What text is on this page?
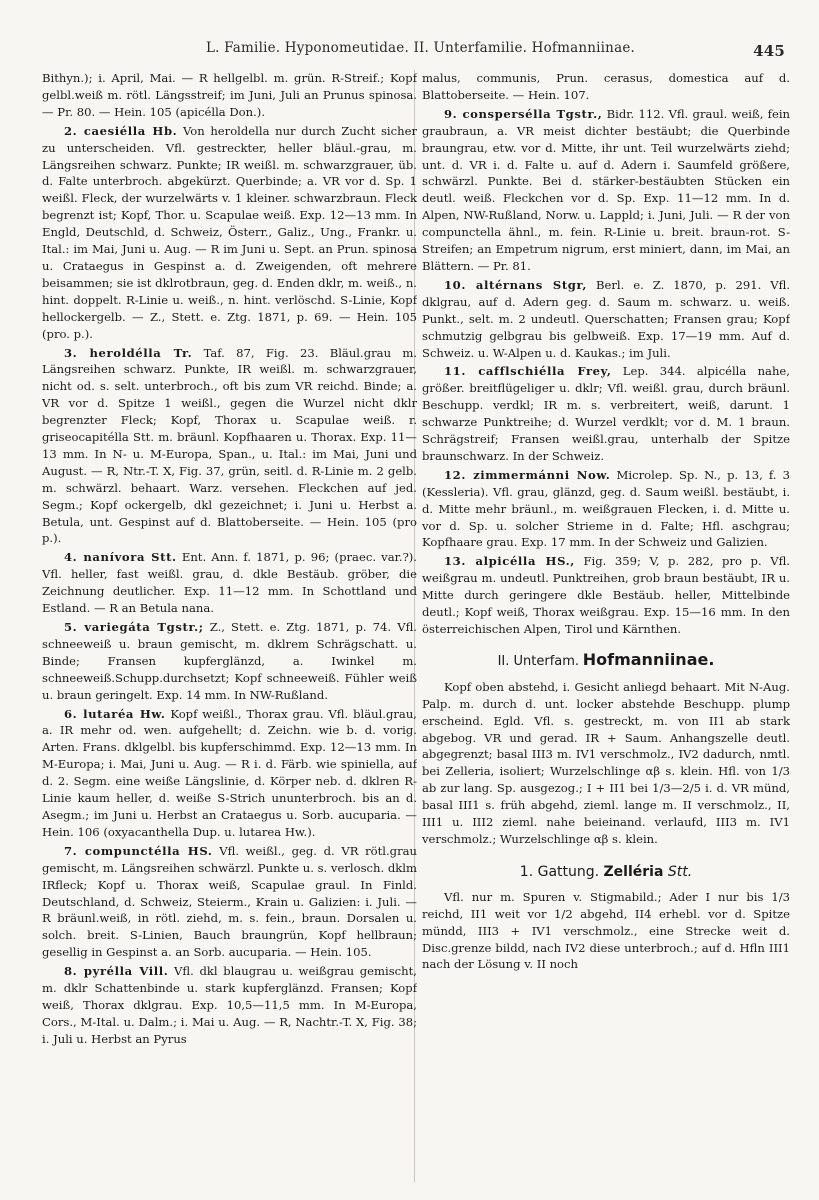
L. Familie. Hyponomeutidae. II. Unterfamilie. Hofmanniinae.	445

Bithyn.); i. April, Mai. — R hellgelbl. m. grün. R-Streif.; Kopf gelbl.weiß m. rötl. Längsstreif; im Juni, Juli an Prunus spinosa. — Pr. 80. — Hein. 105 (apicélla Don.).

2. caesiélla Hb. Von heroldella nur durch Zucht sicher zu unterscheiden. Vfl. gestreckter, heller bläul.-grau, m. Längsreihen schwarz. Punkte; IR weißl. m. schwarzgrauer, üb. d. Falte unterbroch. abgekürzt. Querbinde; a. VR vor d. Sp. 1 weißl. Fleck, der wurzelwärts v. 1 kleiner. schwarzbraun. Fleck begrenzt ist; Kopf, Thor. u. Scapulae weiß. Exp. 12—13 mm. In Engld, Deutschld, d. Schweiz, Österr., Galiz., Ung., Frankr. u. Ital.: im Mai, Juni u. Aug. — R im Juni u. Sept. an Prun. spinosa u. Crataegus in Gespinst a. d. Zweigenden, oft mehrere beisammen; sie ist dklrotbraun, geg. d. Enden dklr, m. weiß., n. hint. doppelt. R-Linie u. weiß., n. hint. verlöschd. S-Linie, Kopf hellockergelb. — Z., Stett. e. Ztg. 1871, p. 69. — Hein. 105 (pro. p.).

3. heroldélla Tr. Taf. 87, Fig. 23. Bläul.grau m. Längsreihen schwarz. Punkte, IR weißl. m. schwarzgrauer, nicht od. s. selt. unterbroch., oft bis zum VR reichd. Binde; a. VR vor d. Spitze 1 weißl., gegen die Wurzel nicht dklr begrenzter Fleck; Kopf, Thorax u. Scapulae weiß. r. griseocapitélla Stt. m. bräunl. Kopfhaaren u. Thorax. Exp. 11—13 mm. In N- u. M-Europa, Span., u. Ital.: im Mai, Juni und August. — R, Ntr.-T. X, Fig. 37, grün, seitl. d. R-Linie m. 2 gelb. m. schwärzl. behaart. Warz. versehen. Fleckchen auf jed. Segm.; Kopf ockergelb, dkl gezeichnet; i. Juni u. Herbst a. Betula, unt. Gespinst auf d. Blattoberseite. — Hein. 105 (pro p.).

4. nanívora Stt. Ent. Ann. f. 1871, p. 96; (praec. var.?). Vfl. heller, fast weißl. grau, d. dkle Bestäub. gröber, die Zeichnung deutlicher. Exp. 11—12 mm. In Schottland und Estland. — R an Betula nana.

5. variegáta Tgstr.; Z., Stett. e. Ztg. 1871, p. 74. Vfl. schneeweiß u. braun gemischt, m. dklrem Schrägschatt. u. Binde; Fransen kupferglänzd, a. Iwinkel m. schneeweiß.Schupp.durchsetzt; Kopf schneeweiß. Fühler weiß u. braun geringelt. Exp. 14 mm. In NW-Rußland.

6. lutaréa Hw. Kopf weißl., Thorax grau. Vfl. bläul.grau, a. IR mehr od. wen. aufgehellt; d. Zeichn. wie b. d. vorig. Arten. Frans. dklgelbl. bis kupferschimmd. Exp. 12—13 mm. In M-Europa; i. Mai, Juni u. Aug. — R i. d. Färb. wie spiniella, auf d. 2. Segm. eine weiße Längslinie, d. Körper neb. d. dklren R-Linie kaum heller, d. weiße S-Strich ununterbroch. bis an d. Asegm.; im Juni u. Herbst an Crataegus u. Sorb. aucuparia. — Hein. 106 (oxyacanthella Dup. u. lutarea Hw.).

7. compunctélla HS. Vfl. weißl., geg. d. VR rötl.grau gemischt, m. Längsreihen schwärzl. Punkte u. s. verlosch. dklm IRfleck; Kopf u. Thorax weiß, Scapulae graul. In Finld. Deutschland, d. Schweiz, Steierm., Krain u. Galizien: i. Juli. — R bräunl.weiß, in rötl. ziehd, m. s. fein., braun. Dorsalen u. solch. breit. S-Linien, Bauch braungrün, Kopf hellbraun; gesellig in Gespinst a. an Sorb. aucuparia. — Hein. 105.

8. pyrélla Vill. Vfl. dkl blaugrau u. weißgrau gemischt, m. dklr Schattenbinde u. stark kupferglänzd. Fransen; Kopf weiß, Thorax dklgrau. Exp. 10,5—11,5 mm. In M-Europa, Cors., M-Ital. u. Dalm.; i. Mai u. Aug. — R, Nachtr.-T. X, Fig. 38; i. Juli u. Herbst an Pyrus

malus, communis, Prun. cerasus, domestica auf d. Blattoberseite. — Hein. 107.

9. conspersélla Tgstr., Bidr. 112. Vfl. graul. weiß, fein graubraun, a. VR meist dichter bestäubt; die Querbinde braungrau, etw. vor d. Mitte, ihr unt. Teil wurzelwärts ziehd; unt. d. VR i. d. Falte u. auf d. Adern i. Saumfeld größere, schwärzl. Punkte. Bei d. stärker-bestäubten Stücken ein deutl. weiß. Fleckchen vor d. Sp. Exp. 11—12 mm. In d. Alpen, NW-Rußland, Norw. u. Lappld; i. Juni, Juli. — R der von compunctella ähnl., m. fein. R-Linie u. breit. braun-rot. S-Streifen; an Empetrum nigrum, erst miniert, dann, im Mai, an Blättern. — Pr. 81.

10. altérnans Stgr, Berl. e. Z. 1870, p. 291. Vfl. dklgrau, auf d. Adern geg. d. Saum m. schwarz. u. weiß. Punkt., selt. m. 2 undeutl. Querschatten; Fransen grau; Kopf schmutzig gelbgrau bis gelbweiß. Exp. 17—19 mm. Auf d. Schweiz. u. W-Alpen u. d. Kaukas.; im Juli.

11. cafflschiélla Frey, Lep. 344. alpicélla nahe, größer. breitflügeliger u. dklr; Vfl. weißl. grau, durch bräunl. Beschupp. verdkl; IR m. s. verbreitert, weiß, darunt. 1 schwarze Punktreihe; d. Wurzel verdklt; vor d. M. 1 braun. Schrägstreif; Fransen weißl.grau, unterhalb der Spitze braunschwarz. In der Schweiz.

12. zimmermánni Now. Microlep. Sp. N., p. 13, f. 3 (Kessleria). Vfl. grau, glänzd, geg. d. Saum weißl. bestäubt, i. d. Mitte mehr bräunl., m. weißgrauen Flecken, i. d. Mitte u. vor d. Sp. u. solcher Strieme in d. Falte; Hfl. aschgrau; Kopfhaare grau. Exp. 17 mm. In der Schweiz und Galizien.

13. alpicélla HS., Fig. 359; V, p. 282, pro p. Vfl. weißgrau m. undeutl. Punktreihen, grob braun bestäubt, IR u. Mitte durch geringere dkle Bestäub. heller, Mittelbinde deutl.; Kopf weiß, Thorax weißgrau. Exp. 15—16 mm. In den österreichischen Alpen, Tirol und Kärnthen.

II. Unterfam. Hofmanniinae.

Kopf oben abstehd, i. Gesicht anliegd behaart. Mit N-Aug. Palp. m. durch d. unt. locker abstehde Beschupp. plump erscheind. Egld. Vfl. s. gestreckt, m. von II1 ab stark abgebog. VR und gerad. IR + Saum. Anhangszelle deutl. abgegrenzt; basal III3 m. IV1 verschmolz., IV2 dadurch, nmtl. bei Zelleria, isoliert; Wurzelschlinge αβ s. klein. Hfl. von 1/3 ab zur lang. Sp. ausgezog.; I + II1 bei 1/3—2/5 i. d. VR münd, basal III1 s. früh abgehd, zieml. lange m. II verschmolz., II, III1 u. III2 zieml. nahe beieinand. verlaufd, III3 m. IV1 verschmolz.; Wurzelschlinge αβ s. klein.

1. Gattung. Zelléria Stt.

Vfl. nur m. Spuren v. Stigmabild.; Ader I nur bis 1/3 reichd, II1 weit vor 1/2 abgehd, II4 erhebl. vor d. Spitze mündd, III3 + IV1 verschmolz., eine Strecke weit d. Disc.grenze bildd, nach IV2 diese unterbroch.; auf d. Hfln III1 nach der Lösung v. II noch
